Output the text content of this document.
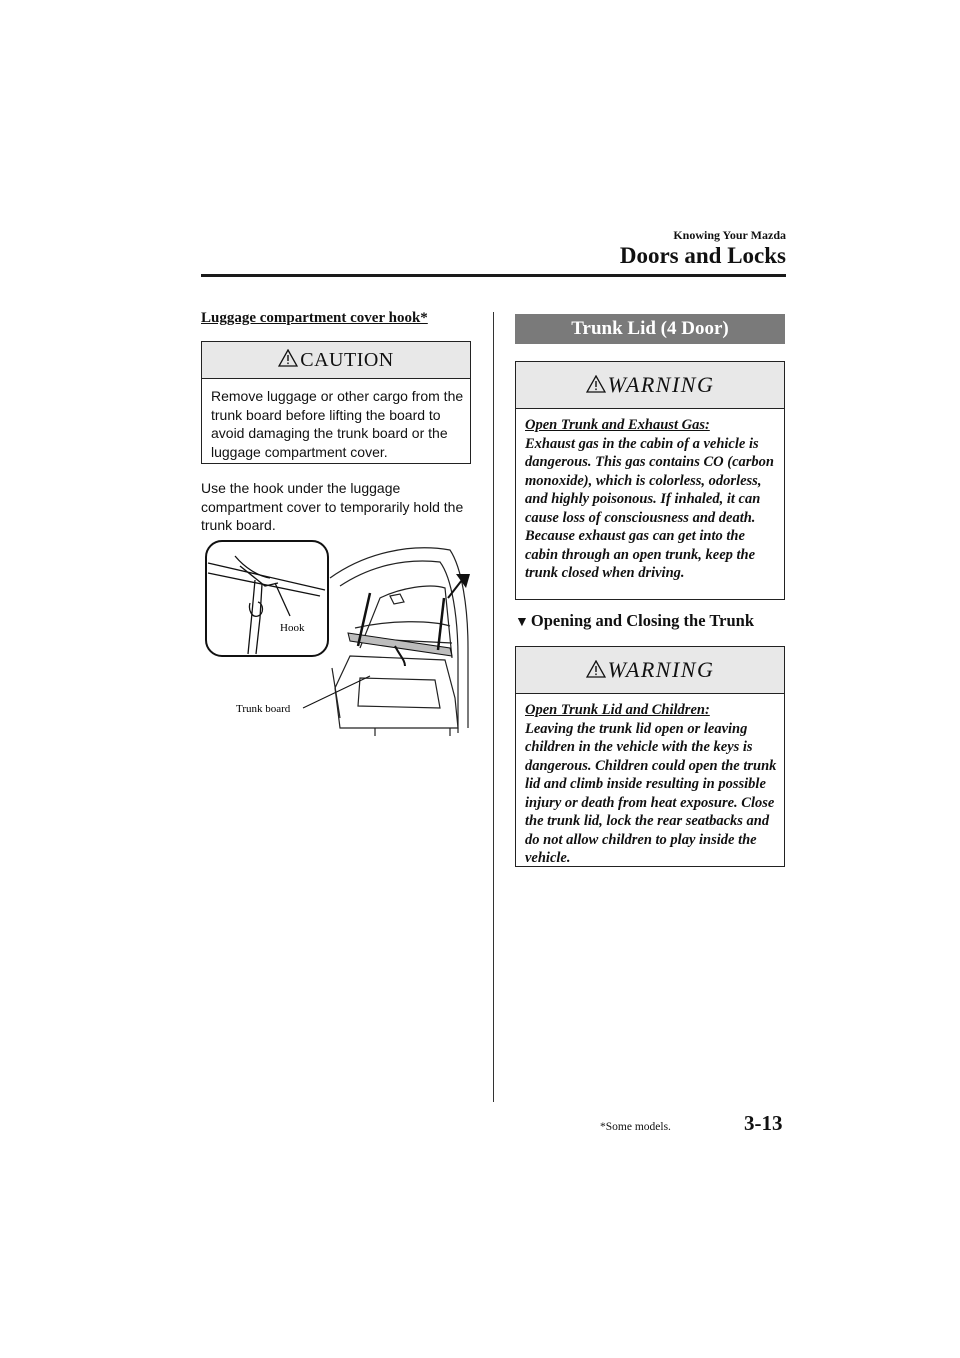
Knowing Your Mazda
Doors and Locks
Luggage compartment cover hook*
CAUTION
Remove luggage or other cargo from the trunk board before lifting the board to avoid damaging the trunk board or the luggage compartment cover.
Use the hook under the luggage compartment cover to temporarily hold the trunk board.
Hook
Trunk board
Trunk Lid (4 Door)
WARNING
Open Trunk and Exhaust Gas:
Exhaust gas in the cabin of a vehicle is dangerous. This gas contains CO (carbon monoxide), which is colorless, odorless, and highly poisonous. If inhaled, it can cause loss of consciousness and death. Because exhaust gas can get into the cabin through an open trunk, keep the trunk closed when driving.
▼ Opening and Closing the Trunk
WARNING
Open Trunk Lid and Children:
Leaving the trunk lid open or leaving children in the vehicle with the keys is dangerous. Children could open the trunk lid and climb inside resulting in possible injury or death from heat exposure. Close the trunk lid, lock the rear seatbacks and do not allow children to play inside the vehicle.
*Some models.	3-13
